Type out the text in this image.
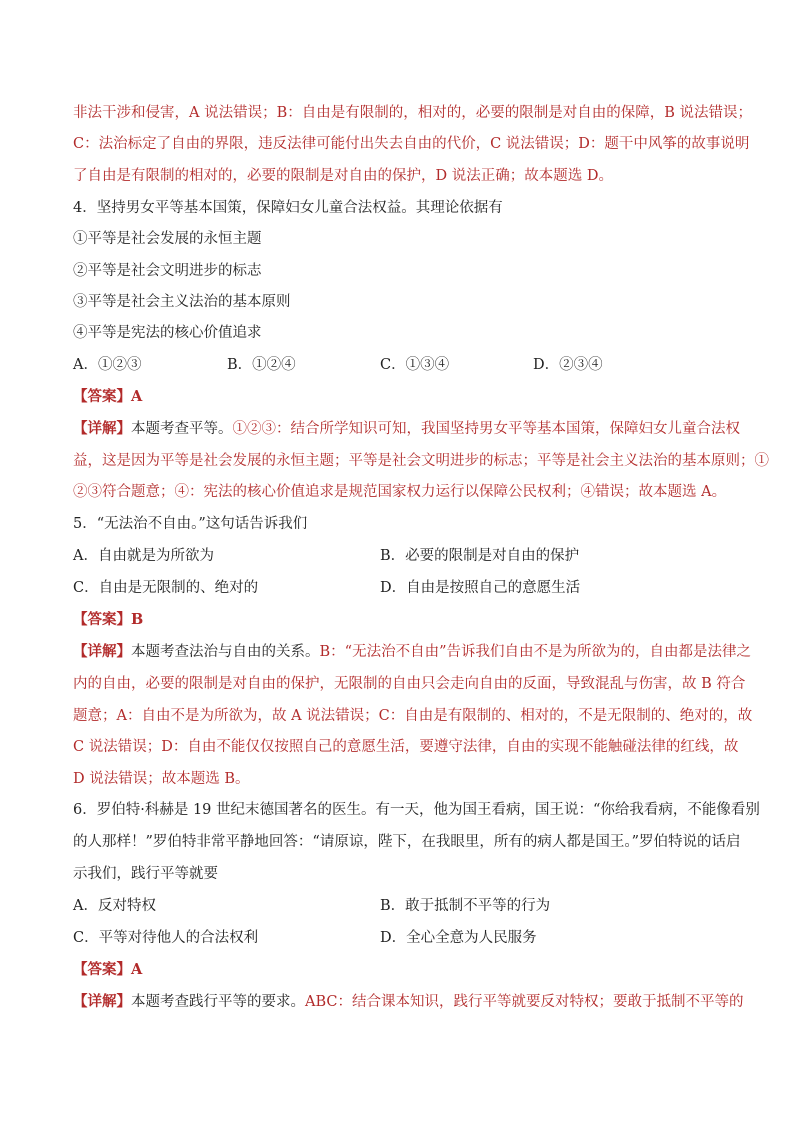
非法干涉和侵害，A 说法错误；B：自由是有限制的，相对的，必要的限制是对自由的保障，B 说法错误；
C：法治标定了自由的界限，违反法律可能付出失去自由的代价，C 说法错误；D：题干中风筝的故事说明
了自由是有限制的相对的，必要的限制是对自由的保护，D 说法正确；故本题选 D。
4．坚持男女平等基本国策，保障妇女儿童合法权益。其理论依据有
①平等是社会发展的永恒主题
②平等是社会文明进步的标志
③平等是社会主义法治的基本原则
④平等是宪法的核心价值追求
A．①②③	B．①②④	C．①③④	D．②③④
【答案】A
【详解】本题考查平等。①②③：结合所学知识可知，我国坚持男女平等基本国策，保障妇女儿童合法权
益，这是因为平等是社会发展的永恒主题；平等是社会文明进步的标志；平等是社会主义法治的基本原则；①
②③符合题意；④：宪法的核心价值追求是规范国家权力运行以保障公民权利；④错误；故本题选 A。
5．“无法治不自由。”这句话告诉我们
A．自由就是为所欲为	B．必要的限制是对自由的保护
C．自由是无限制的、绝对的	D．自由是按照自己的意愿生活
【答案】B
【详解】本题考查法治与自由的关系。B：“无法治不自由”告诉我们自由不是为所欲为的，自由都是法律之
内的自由，必要的限制是对自由的保护，无限制的自由只会走向自由的反面，导致混乱与伤害，故 B 符合
题意；A：自由不是为所欲为，故 A 说法错误；C：自由是有限制的、相对的，不是无限制的、绝对的，故
C 说法错误；D：自由不能仅仅按照自己的意愿生活，要遵守法律，自由的实现不能触碰法律的红线，故
D 说法错误；故本题选 B。
6．罗伯特·科赫是 19 世纪末德国著名的医生。有一天，他为国王看病，国王说：“你给我看病，不能像看别
的人那样！”罗伯特非常平静地回答：“请原谅，陛下，在我眼里，所有的病人都是国王。”罗伯特说的话启
示我们，践行平等就要
A．反对特权	B．敢于抵制不平等的行为
C．平等对待他人的合法权利	D．全心全意为人民服务
【答案】A
【详解】本题考查践行平等的要求。ABC：结合课本知识，践行平等就要反对特权；要敢于抵制不平等的
